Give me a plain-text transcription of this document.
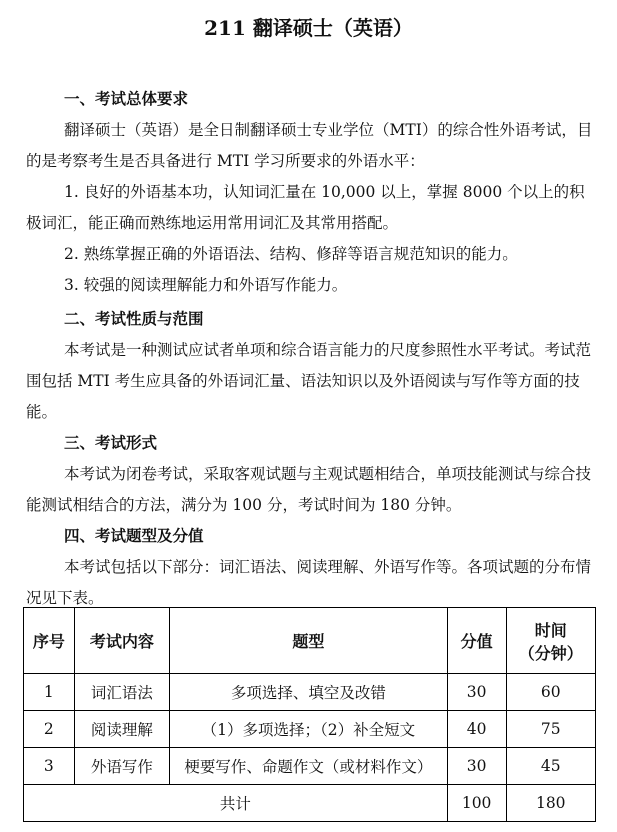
211 翻译硕士（英语）
一、考试总体要求
翻译硕士（英语）是全日制翻译硕士专业学位（MTI）的综合性外语考试，目的是考察考生是否具备进行 MTI 学习所要求的外语水平：
1. 良好的外语基本功，认知词汇量在 10,000 以上，掌握 8000 个以上的积极词汇，能正确而熟练地运用常用词汇及其常用搭配。
2. 熟练掌握正确的外语语法、结构、修辞等语言规范知识的能力。
3. 较强的阅读理解能力和外语写作能力。
二、考试性质与范围
本考试是一种测试应试者单项和综合语言能力的尺度参照性水平考试。考试范围包括 MTI 考生应具备的外语词汇量、语法知识以及外语阅读与写作等方面的技能。
三、考试形式
本考试为闭卷考试，采取客观试题与主观试题相结合，单项技能测试与综合技能测试相结合的方法，满分为 100 分，考试时间为 180 分钟。
四、考试题型及分值
本考试包括以下部分：词汇语法、阅读理解、外语写作等。各项试题的分布情况见下表。
序号	考试内容	题型	分值	时间
（分钟）

1	词汇语法	多项选择、填空及改错	30	60
2	阅读理解	（1）多项选择；（2）补全短文	40	75
3	外语写作	梗要写作、命题作文（或材料作文）	30	45
共计			100	180
